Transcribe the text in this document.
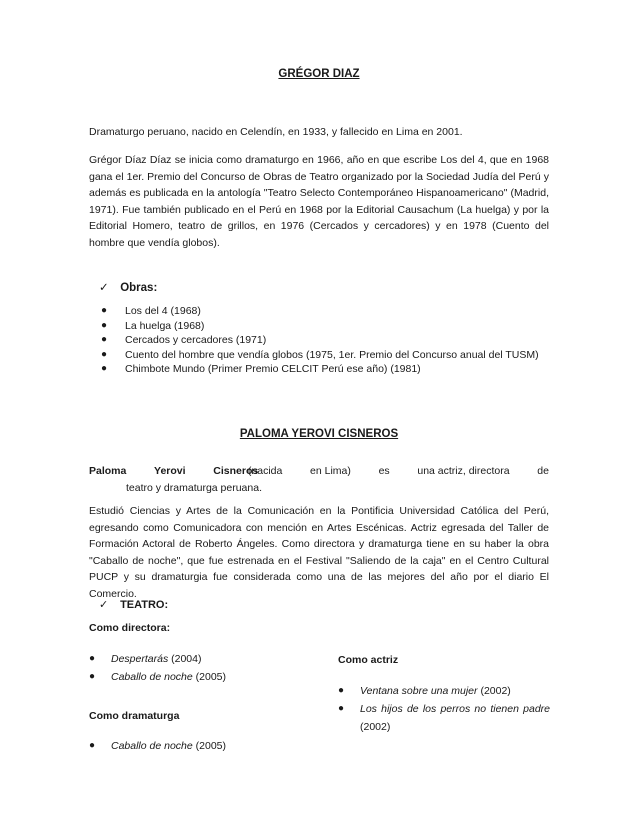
GRÉGOR DIAZ

Dramaturgo peruano, nacido en Celendín, en 1933, y fallecido en Lima en 2001.

Grégor Díaz Díaz se inicia como dramaturgo en 1966, año en que escribe Los del 4, que en 1968 gana el 1er. Premio del Concurso de Obras de Teatro organizado por la Sociedad Judía del Perú y además es publicada en la antología "Teatro Selecto Contemporáneo Hispanoamericano" (Madrid, 1971). Fue también publicado en el Perú en 1968 por la Editorial Causachum (La huelga) y por la Editorial Homero, teatro de grillos, en 1976 (Cercados y cercadores) y en 1978 (Cuento del hombre que vendía globos).

✓ Obras:
● Los del 4 (1968)
● La huelga (1968)
● Cercados y cercadores (1971)
● Cuento del hombre que vendía globos (1975, 1er. Premio del Concurso anual del TUSM)
● Chimbote Mundo (Primer Premio CELCIT Perú ese año) (1981)
PALOMA YEROVI CISNEROS
Paloma	Yerovi	Cisneros
(nacida	en Lima)	es	una actriz, directora	de
teatro y dramaturga peruana.

Estudió Ciencias y Artes de la Comunicación en la Pontificia Universidad Católica del Perú, egresando como Comunicadora con mención en Artes Escénicas. Actriz egresada del Taller de Formación Actoral de Roberto Ángeles. Como directora y dramaturga tiene en su haber la obra "Caballo de noche", que fue estrenada en el Festival "Saliendo de la caja" en el Centro Cultural PUCP y su dramaturgia fue considerada como una de las mejores del año por el diario El Comercio.

✓ TEATRO:
Como directora:
● Despertarás (2004)
● Caballo de noche (2005)
Como actriz
● Ventana sobre una mujer (2002)
● Los hijos de los perros no tienen padre (2002)
Como dramaturga
● Caballo de noche (2005)
